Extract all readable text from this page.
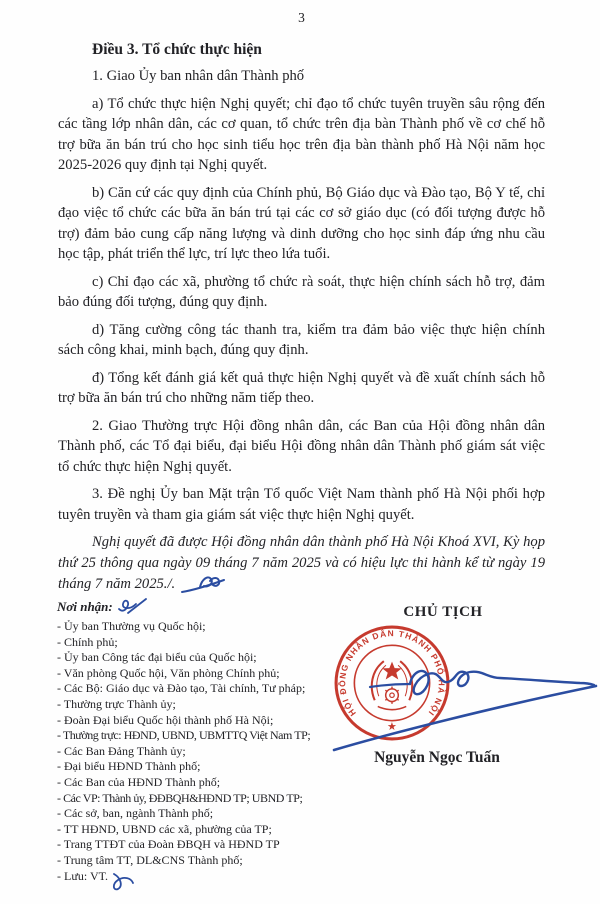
3
Điều 3. Tổ chức thực hiện

1. Giao Ủy ban nhân dân Thành phố

a) Tổ chức thực hiện Nghị quyết; chỉ đạo tổ chức tuyên truyền sâu rộng đến các tầng lớp nhân dân, các cơ quan, tổ chức trên địa bàn Thành phố về cơ chế hỗ trợ bữa ăn bán trú cho học sinh tiểu học trên địa bàn thành phố Hà Nội năm học 2025-2026 quy định tại Nghị quyết.

b) Căn cứ các quy định của Chính phủ, Bộ Giáo dục và Đào tạo, Bộ Y tế, chỉ đạo việc tổ chức các bữa ăn bán trú tại các cơ sở giáo dục (có đối tượng được hỗ trợ) đảm bảo cung cấp năng lượng và dinh dưỡng cho học sinh đáp ứng nhu cầu học tập, phát triển thể lực, trí lực theo lứa tuổi.

c) Chỉ đạo các xã, phường tổ chức rà soát, thực hiện chính sách hỗ trợ, đảm bảo đúng đối tượng, đúng quy định.

d) Tăng cường công tác thanh tra, kiểm tra đảm bảo việc thực hiện chính sách công khai, minh bạch, đúng quy định.

đ) Tổng kết đánh giá kết quả thực hiện Nghị quyết và đề xuất chính sách hỗ trợ bữa ăn bán trú cho những năm tiếp theo.

2. Giao Thường trực Hội đồng nhân dân, các Ban của Hội đồng nhân dân Thành phố, các Tổ đại biểu, đại biểu Hội đồng nhân dân Thành phố giám sát việc tổ chức thực hiện Nghị quyết.

3. Đề nghị Ủy ban Mặt trận Tổ quốc Việt Nam thành phố Hà Nội phối hợp tuyên truyền và tham gia giám sát việc thực hiện Nghị quyết.

Nghị quyết đã được Hội đồng nhân dân thành phố Hà Nội Khoá XVI, Kỳ họp thứ 25 thông qua ngày 09 tháng 7 năm 2025 và có hiệu lực thi hành kể từ ngày 19 tháng 7 năm 2025./.

Nơi nhận:
- Ủy ban Thường vụ Quốc hội;
- Chính phủ;
- Ủy ban Công tác đại biểu của Quốc hội;
- Văn phòng Quốc hội, Văn phòng Chính phủ;
- Các Bộ: Giáo dục và Đào tạo, Tài chính, Tư pháp;
- Thường trực Thành ủy;
- Đoàn Đại biểu Quốc hội thành phố Hà Nội;
- Thường trực: HĐND, UBND, UBMTTQ Việt Nam TP;
- Các Ban Đảng Thành ủy;
- Đại biểu HĐND Thành phố;
- Các Ban của HĐND Thành phố;
- Các VP: Thành ủy, ĐĐBQH&HĐND TP; UBND TP;
- Các sở, ban, ngành Thành phố;
- TT HĐND, UBND các xã, phường của TP;
- Trang TTĐT của Đoàn ĐBQH và HĐND TP
- Trung tâm TT, DL&CNS Thành phố;
- Lưu: VT.
CHỦ TỊCH
HỘI ĐỒNG NHÂN DÂN THÀNH PHỐ HÀ NỘI
★
Nguyễn Ngọc Tuấn
